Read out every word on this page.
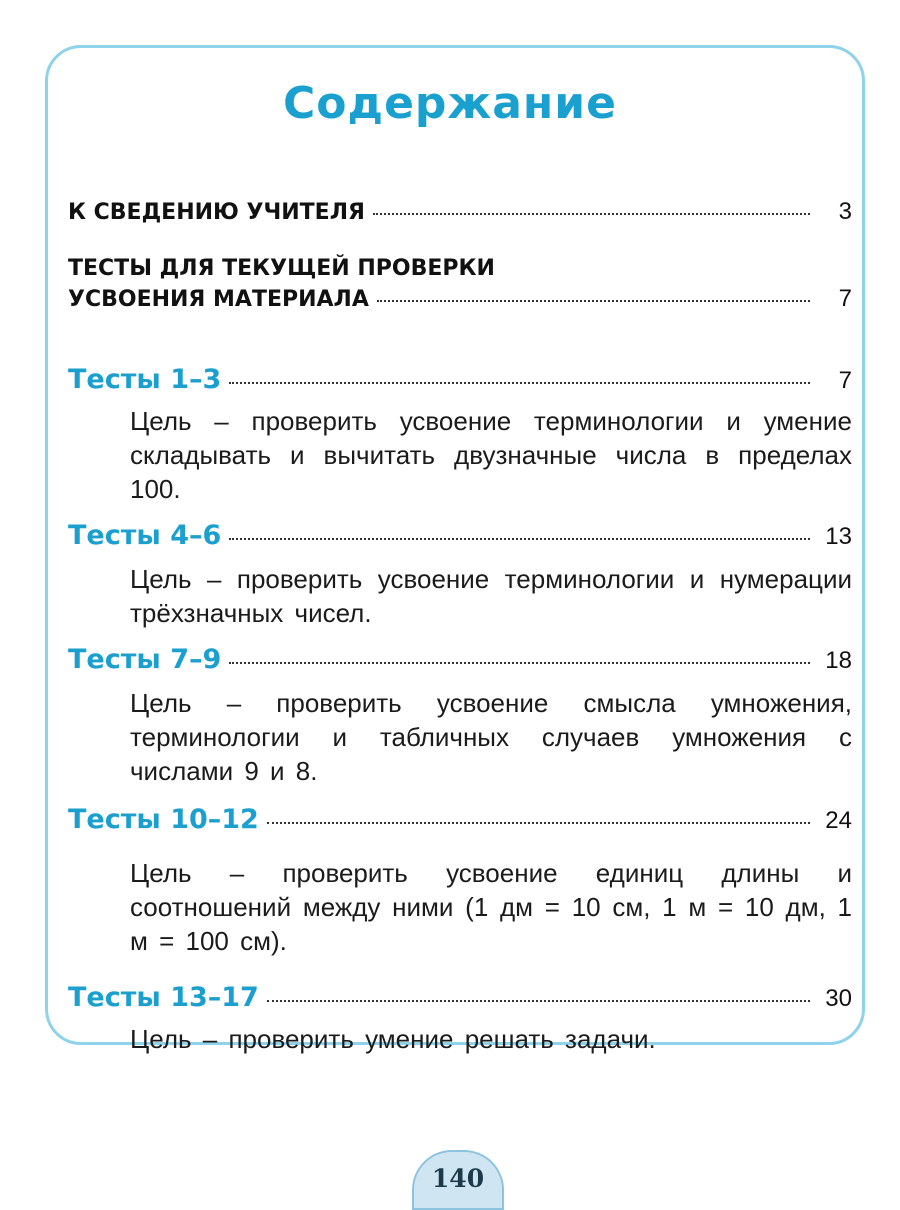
Содержание
К СВЕДЕНИЮ УЧИТЕЛЯ	3
ТЕСТЫ ДЛЯ ТЕКУЩЕЙ ПРОВЕРКИ
УСВОЕНИЯ МАТЕРИАЛА	7
Тесты 1–3	7
Цель – проверить усвоение терминологии и умение складывать и вычитать двузначные числа в пределах 100.
Тесты 4–6	13
Цель – проверить усвоение терминологии и нумерации трёхзначных чисел.
Тесты 7–9	18
Цель – проверить усвоение смысла умножения, терминологии и табличных случаев умножения с числами 9 и 8.
Тесты 10–12	24
Цель – проверить усвоение единиц длины и соотношений между ними (1 дм = 10 см, 1 м = 10 дм, 1 м = 100 см).
Тесты 13–17	30
Цель – проверить умение решать задачи.
140
